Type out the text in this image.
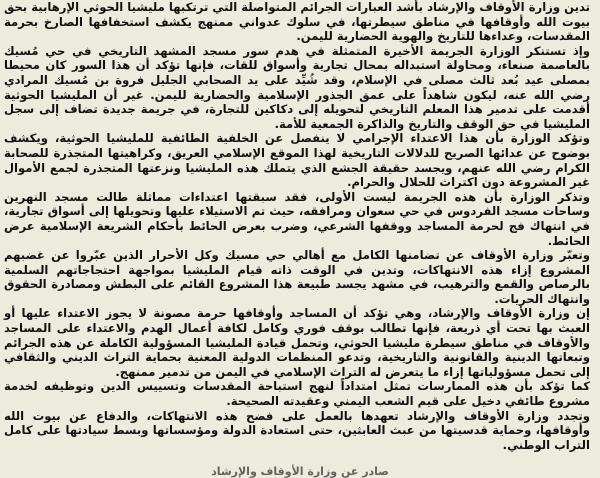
تدين وزارة الأوقاف والإرشاد بأشد العبارات الجرائم المتواصلة التي ترتكبها مليشيا الحوثي الإرهابية بحق بيوت الله وأوقافها في مناطق سيطرتها، في سلوك عدواني ممنهج يكشف استخفافها الصارخ بحرمة المقدسات، وعداءها للتاريخ والهوية الحضارية لليمن.

وإذ تستنكر الوزارة الجريمة الأخيرة المتمثلة في هدم سور مسجد المشهد التاريخي في حي مُسيك بالعاصمة صنعاء، ومحاولة استبداله بمحال تجارية وأسواق للقات، فإنها تؤكد أن هذا السور كان محيطا بمصلى عيد بُعد ثالث مصلى في الإسلام، وقد شُيِّد على يد الصحابي الجليل فروة بن مُسيك المرادي رضي الله عنه، ليكون شاهداً على عمق الجذور الإسلامية والحضارية لليمن. غير أن المليشيا الحوثية أقدمت على تدمير هذا المعلم التاريخي لتحويله إلى دكاكين للتجارة، في جريمة جديدة تضاف إلى سجل المليشيا في حق الوقف والتاريخ والذاكرة الجمعية للأمة.

وتؤكد الوزارة بأن هذا الاعتداء الإجرامي لا ينفصل عن الخلفية الطائفية للمليشيا الحوثية، ويكشف بوضوح عن عدائها الصريح للدلالات التاريخية لهذا الموقع الإسلامي العريق، وكراهيتها المتجذرة للصحابة الكرام رضي الله عنهم، ويجسد حقيقة الجشع الذي يتملك هذه المليشيا ونزعتها المتجذرة لجمع الأموال غير المشروعة دون اكتراث للحلال والحرام.

وتذكر الوزارة بأن هذه الجريمة ليست الأولى، فقد سبقتها اعتداءات مماثلة طالت مسجد النهرين وساحات مسجد الفردوس في حي سعوان ومرافقه، حيث تم الاستيلاء عليها وتحويلها إلى أسواق تجارية، في انتهاك فج لحرمة المساجد ووقفها الشرعي، وضرب بعرض الحائط بأحكام الشريعة الإسلامية عرض الحائط.

وتعبّر وزارة الأوقاف عن تضامنها الكامل مع أهالي حي مسيك وكل الأحرار الذين عبّروا عن غضبهم المشروع إزاء هذه الانتهاكات، وتدين في الوقت ذاته قيام المليشيا بمواجهة احتجاجاتهم السلمية بالرصاص والقمع والترهيب، في مشهد يجسد طبيعة هذا المشروع القائم على البطش ومصادرة الحقوق وانتهاك الحريات.

إن وزارة الأوقاف والإرشاد، وهي تؤكد أن المساجد وأوقافها حرمة مصونة لا يجوز الاعتداء عليها أو العبث بها تحت أي ذريعة، فإنها تطالب بوقف فوري وكامل لكافة أعمال الهدم والاعتداء على المساجد والأوقاف في مناطق سيطرة مليشيا الحوثي، وتحمل قيادة المليشيا المسؤولية الكاملة عن هذه الجرائم وتبعاتها الدينية والقانونية والتاريخية، وتدعو المنظمات الدولية المعنية بحماية التراث الديني والثقافي إلى تحمل مسؤولياتها إزاء ما يتعرض له التراث الإسلامي في اليمن من تدمير ممنهج.

كما تؤكد بأن هذه الممارسات تمثل امتداداً لنهج استباحة المقدسات وتسييس الدين وتوظيفه لخدمة مشروع طائفي دخيل على قيم الشعب اليمني وعقيدته الصحيحة.

وتجدد وزارة الأوقاف والإرشاد تعهدها بالعمل على فضح هذه الانتهاكات، والدفاع عن بيوت الله وأوقافها، وحماية قدسيتها من عبث العابثين، حتى استعادة الدولة ومؤسساتها وبسط سيادتها على كامل التراب الوطني.

صادر عن وزارة الأوقاف والإرشاد
